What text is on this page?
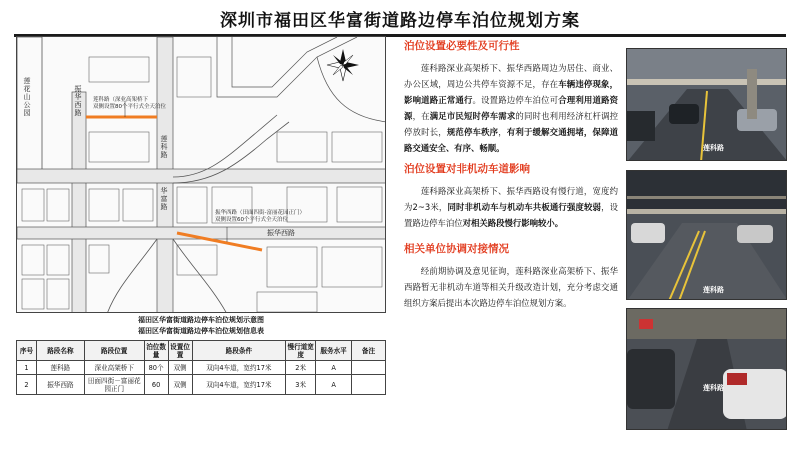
深圳市福田区华富街道路边停车泊位规划方案
莲花山公园	振华西路
莲科路
华富路
振华西路
莲科路（深业高架桥下
双侧设置80个平行式全天泊位
振华西路（田面四街-富丽花园正门）
双侧设置60个平行式全天泊位
福田区华富街道路边停车泊位规划示意图
福田区华富街道路边停车泊位规划信息表
序号	路段名称	路段位置	泊位数量	设置位置	路段条件	慢行道宽度	服务水平	备注
1	莲科路	深业高架桥下	80个	双侧	双向4车道，宽约17米	2米	A	
2	振华西路	田面四街－富丽花园正门	60	双侧	双向4车道，宽约17米	3米	A	
泊位设置必要性及可行性

莲科路深业高架桥下、振华西路周边为居住、商业、办公区域，周边公共停车资源不足，存在车辆违停现象，影响道路正常通行。设置路边停车泊位可合理利用道路资源，在满足市民短时停车需求的同时也利用经济杠杆调控停放时长，规范停车秩序，有利于缓解交通拥堵，保障道路交通安全、有序、畅顺。

泊位设置对非机动车道影响

莲科路深业高架桥下、振华西路设有慢行道，宽度约为2~3米，同时非机动车与机动车共板通行强度较弱，设置路边停车泊位对相关路段慢行影响较小。

相关单位协调对接情况

经前期协调及意见征询，莲科路深业高架桥下、振华西路暂无非机动车道等相关升级改造计划，充分考虑交通组织方案后提出本次路边停车泊位规划方案。

莲科路
莲科路
莲科路
